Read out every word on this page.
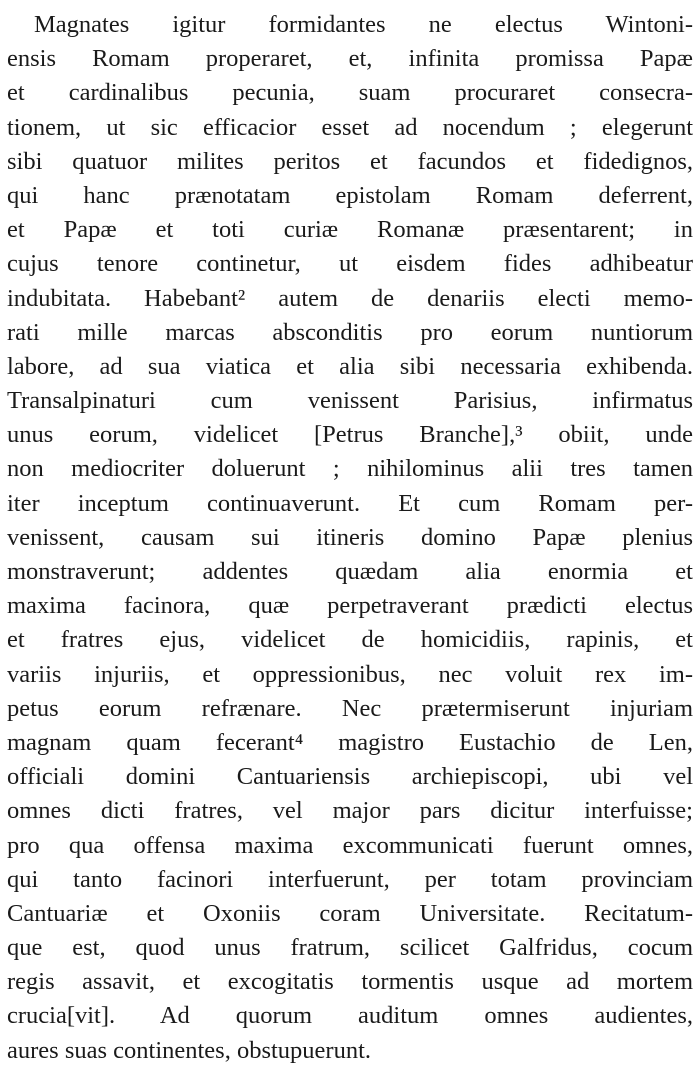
Magnates igitur formidantes ne electus Wintoni-
ensis Romam properaret, et, infinita promissa Papæ
et cardinalibus pecunia, suam procuraret consecra-
tionem, ut sic efficacior esset ad nocendum ; elegerunt
sibi quatuor milites peritos et facundos et fidedignos,
qui hanc prænotatam epistolam Romam deferrent,
et Papæ et toti curiæ Romanæ præsentarent; in
cujus tenore continetur, ut eisdem fides adhibeatur
indubitata. Habebant² autem de denariis electi memo-
rati mille marcas absconditis pro eorum nuntiorum
labore, ad sua viatica et alia sibi necessaria exhibenda.
Transalpinaturi cum venissent Parisius, infirmatus
unus eorum, videlicet [Petrus Branche],³ obiit, unde
non mediocriter doluerunt ; nihilominus alii tres tamen
iter inceptum continuaverunt. Et cum Romam per-
venissent, causam sui itineris domino Papæ plenius
monstraverunt; addentes quædam alia enormia et
maxima facinora, quæ perpetraverant prædicti electus
et fratres ejus, videlicet de homicidiis, rapinis, et
variis injuriis, et oppressionibus, nec voluit rex im-
petus eorum refrænare. Nec prætermiserunt injuriam
magnam quam fecerant⁴ magistro Eustachio de Len,
officiali domini Cantuariensis archiepiscopi, ubi vel
omnes dicti fratres, vel major pars dicitur interfuisse;
pro qua offensa maxima excommunicati fuerunt omnes,
qui tanto facinori interfuerunt, per totam provinciam
Cantuariæ et Oxoniis coram Universitate. Recitatum-
que est, quod unus fratrum, scilicet Galfridus, cocum
regis assavit, et excogitatis tormentis usque ad mortem
crucia[vit]. Ad quorum auditum omnes audientes,
aures suas continentes, obstupuerunt.
